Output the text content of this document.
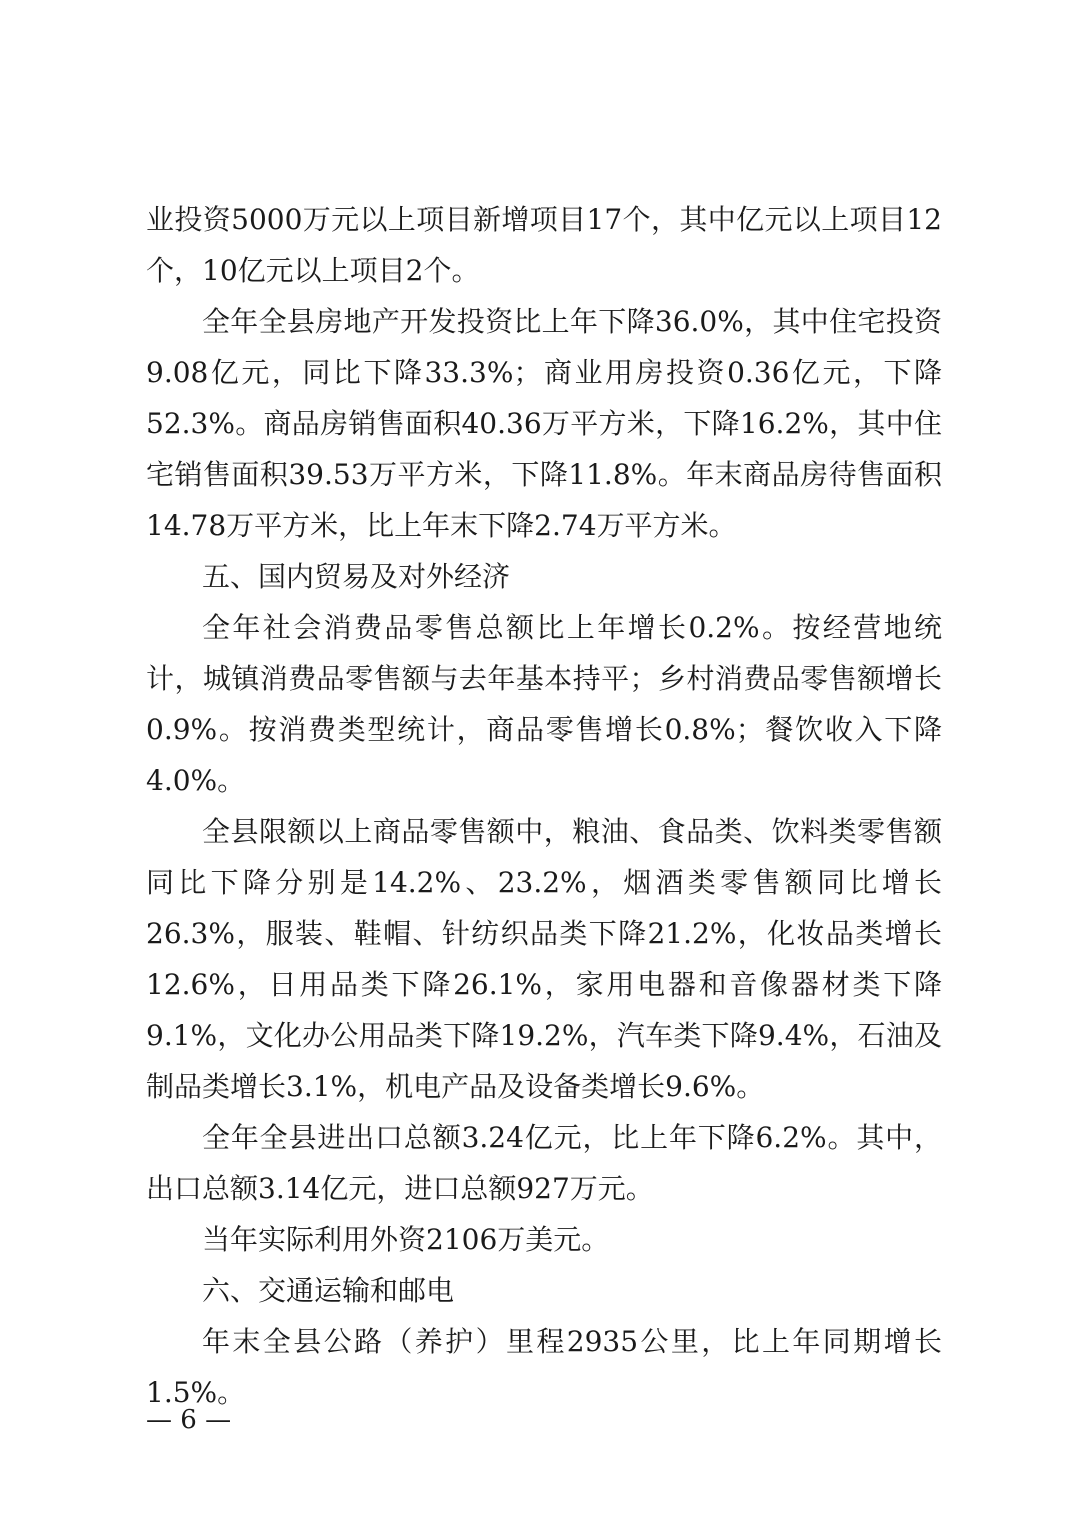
业投资5000万元以上项目新增项目17个，其中亿元以上项目12个，10亿元以上项目2个。

全年全县房地产开发投资比上年下降36.0%，其中住宅投资9.08亿元，同比下降33.3%；商业用房投资0.36亿元，下降52.3%。商品房销售面积40.36万平方米，下降16.2%，其中住宅销售面积39.53万平方米，下降11.8%。年末商品房待售面积14.78万平方米，比上年末下降2.74万平方米。

五、国内贸易及对外经济

全年社会消费品零售总额比上年增长0.2%。按经营地统计，城镇消费品零售额与去年基本持平；乡村消费品零售额增长0.9%。按消费类型统计，商品零售增长0.8%；餐饮收入下降4.0%。

全县限额以上商品零售额中，粮油、食品类、饮料类零售额同比下降分别是14.2%、23.2%，烟酒类零售额同比增长26.3%，服装、鞋帽、针纺织品类下降21.2%，化妆品类增长12.6%，日用品类下降26.1%，家用电器和音像器材类下降9.1%，文化办公用品类下降19.2%，汽车类下降9.4%，石油及制品类增长3.1%，机电产品及设备类增长9.6%。

全年全县进出口总额3.24亿元，比上年下降6.2%。其中，出口总额3.14亿元，进口总额927万元。

当年实际利用外资2106万美元。

六、交通运输和邮电

年末全县公路（养护）里程2935公里，比上年同期增长1.5%。

— 6 —
